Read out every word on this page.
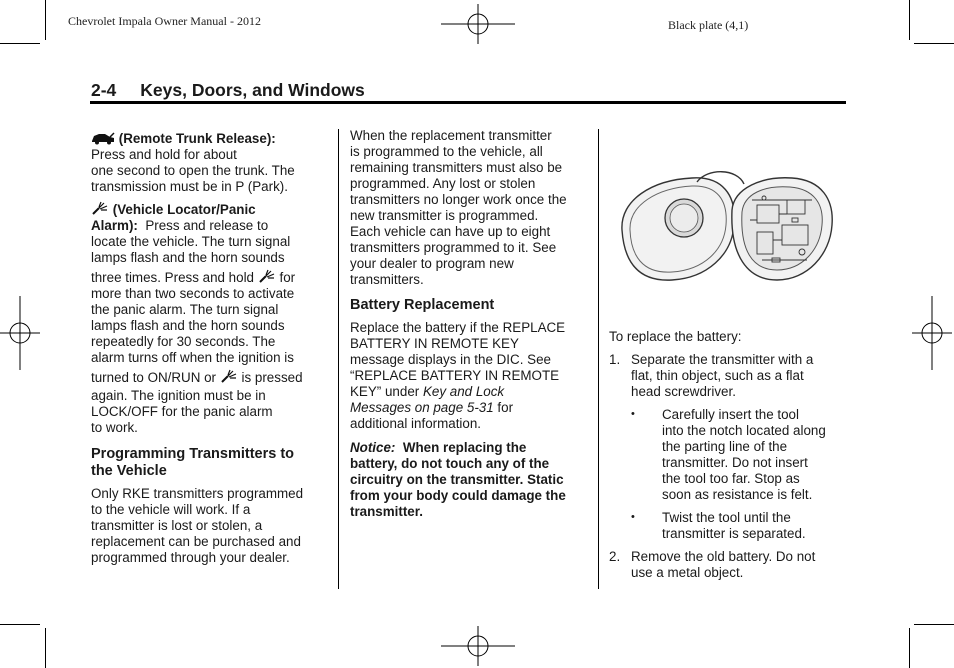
Chevrolet Impala Owner Manual - 2012	Black plate (4,1)
2-4 Keys, Doors, and Windows

(Remote Trunk Release):

Press and hold for about

one second to open the trunk. The

transmission must be in P (Park).

(Vehicle Locator/Panic

Alarm): Press and release to

locate the vehicle. The turn signal

lamps flash and the horn sounds

three times. Press and hold for

more than two seconds to activate

the panic alarm. The turn signal

lamps flash and the horn sounds

repeatedly for 30 seconds. The

alarm turns off when the ignition is

turned to ON/RUN or is pressed

again. The ignition must be in

LOCK/OFF for the panic alarm

to work.

Programming Transmitters to
the Vehicle

Only RKE transmitters programmed

to the vehicle will work. If a

transmitter is lost or stolen, a

replacement can be purchased and

programmed through your dealer.

When the replacement transmitter

is programmed to the vehicle, all

remaining transmitters must also be

programmed. Any lost or stolen

transmitters no longer work once the

new transmitter is programmed.

Each vehicle can have up to eight

transmitters programmed to it. See

your dealer to program new

transmitters.

Battery Replacement

Replace the battery if the REPLACE

BATTERY IN REMOTE KEY

message displays in the DIC. See

“REPLACE BATTERY IN REMOTE

KEY” under Key and Lock

Messages on page 5‑31 for

additional information.

Notice: When replacing the

battery, do not touch any of the

circuitry on the transmitter. Static

from your body could damage the

transmitter.

To replace the battery:

1. Separate the transmitter with a

flat, thin object, such as a flat

head screwdriver.

• Carefully insert the tool

into the notch located along

the parting line of the

transmitter. Do not insert

the tool too far. Stop as

soon as resistance is felt.

• Twist the tool until the

transmitter is separated.

2. Remove the old battery. Do not

use a metal object.
